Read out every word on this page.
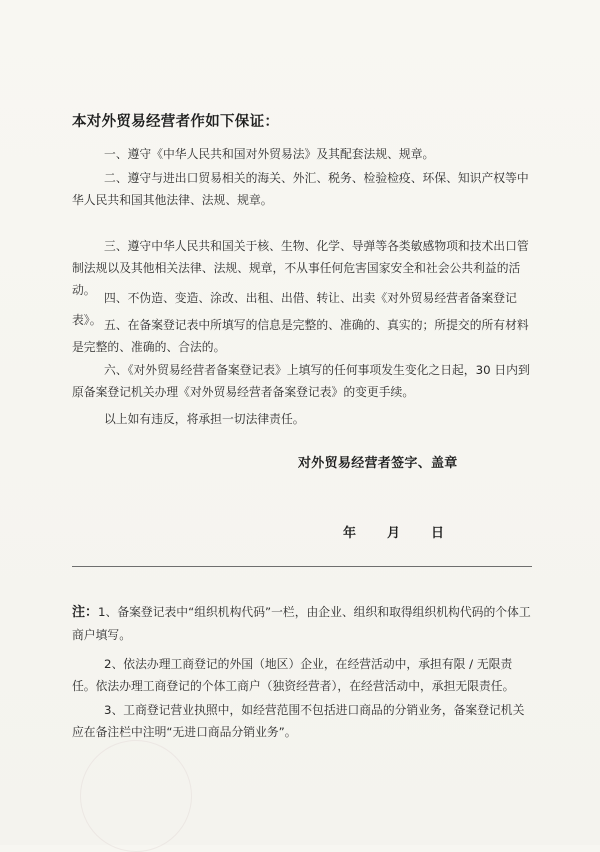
本对外贸易经营者作如下保证：
一、遵守《中华人民共和国对外贸易法》及其配套法规、规章。
二、遵守与进出口贸易相关的海关、外汇、税务、检验检疫、环保、知识产权等中华人民共和国其他法律、法规、规章。
三、遵守中华人民共和国关于核、生物、化学、导弹等各类敏感物项和技术出口管制法规以及其他相关法律、法规、规章，不从事任何危害国家安全和社会公共利益的活动。
四、不伪造、变造、涂改、出租、出借、转让、出卖《对外贸易经营者备案登记表》。 五、在备案登记表中所填写的信息是完整的、准确的、真实的；所提交的所有材料是完整的、准确的、合法的。
六、《对外贸易经营者备案登记表》上填写的任何事项发生变化之日起，30 日内到原备案登记机关办理《对外贸易经营者备案登记表》的变更手续。
以上如有违反，将承担一切法律责任。
对外贸易经营者签字、盖章
年 月 日
注：1、备案登记表中“组织机构代码”一栏，由企业、组织和取得组织机构代码的个体工商户填写。
2、依法办理工商登记的外国（地区）企业，在经营活动中，承担有限 / 无限责任。依法办理工商登记的个体工商户（独资经营者），在经营活动中，承担无限责任。
3、工商登记营业执照中，如经营范围不包括进口商品的分销业务，备案登记机关应在备注栏中注明“无进口商品分销业务”。
